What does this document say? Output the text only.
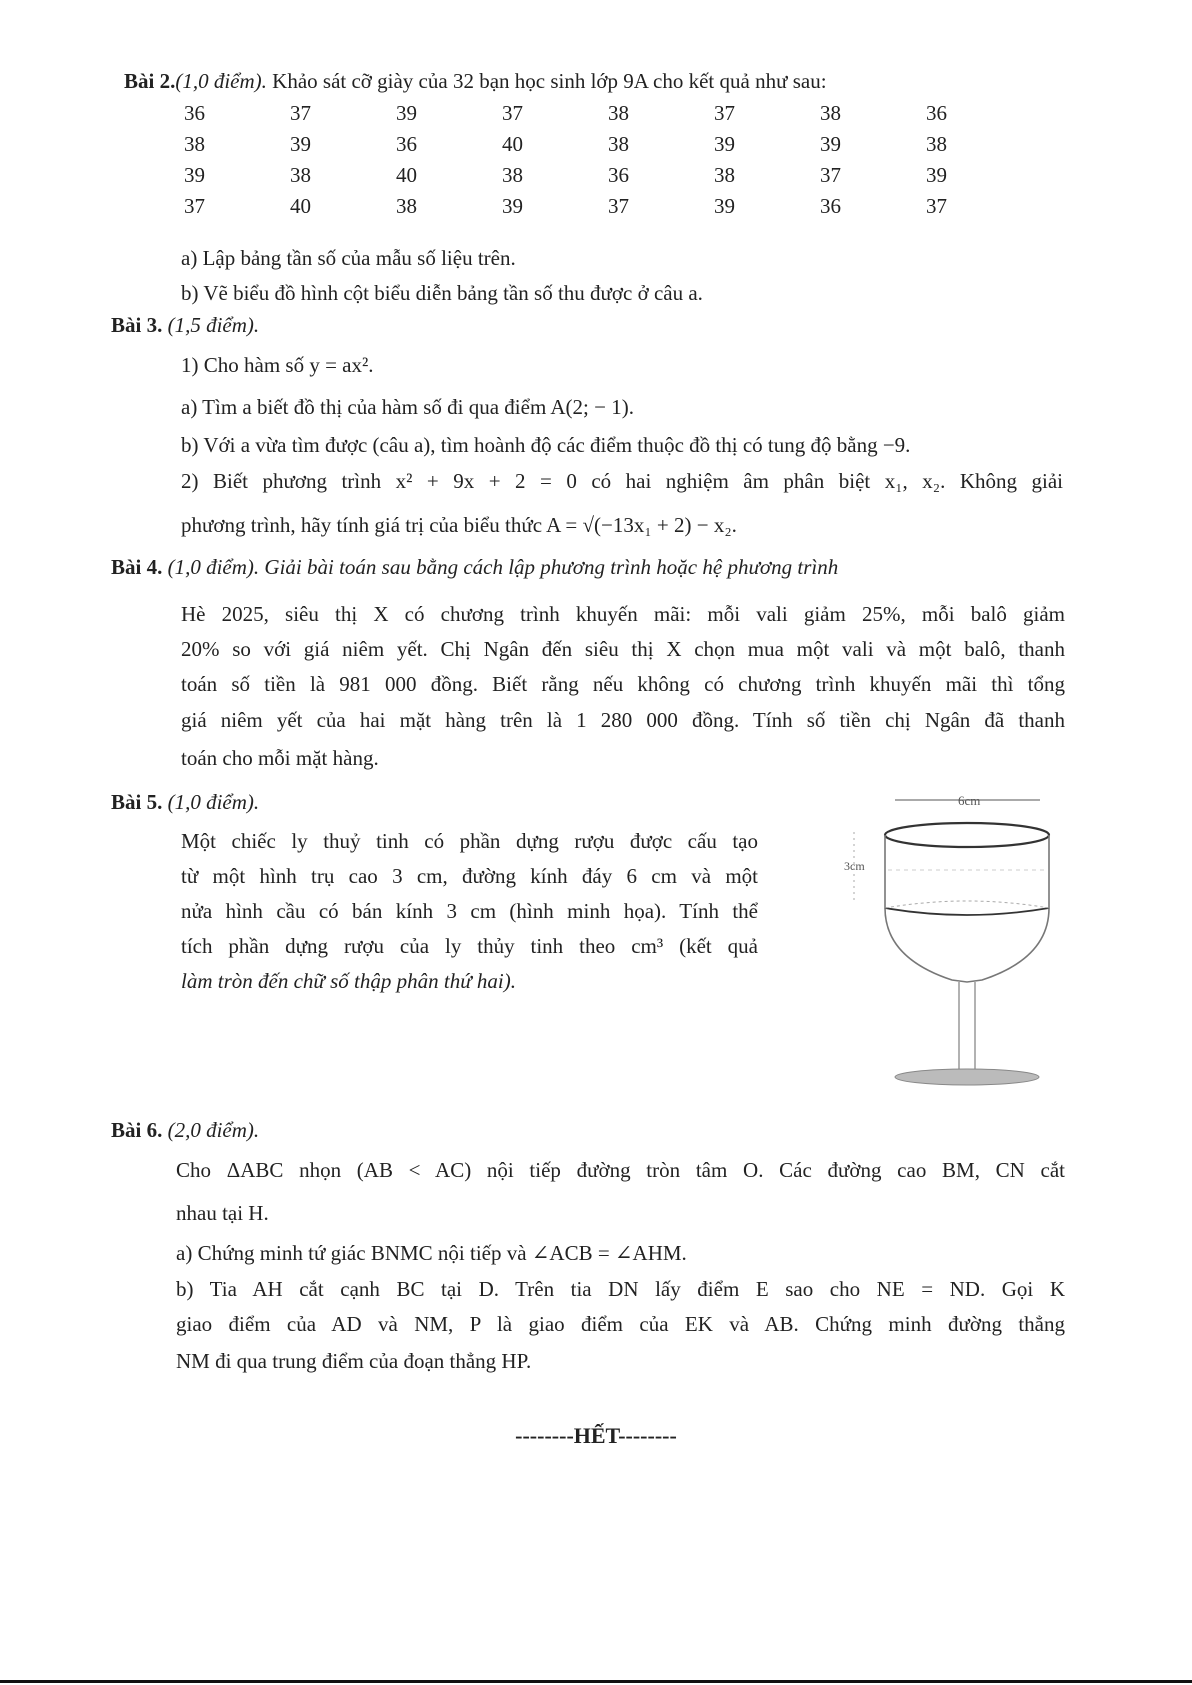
Bài 2.(1,0 điểm). Khảo sát cỡ giày của 32 bạn học sinh lớp 9A cho kết quả như sau:
36	37	39	37	38	37	38	36
38	39	36	40	38	39	39	38
39	38	40	38	36	38	37	39
37	40	38	39	37	39	36	37
a) Lập bảng tần số của mẫu số liệu trên.
b) Vẽ biểu đồ hình cột biểu diễn bảng tần số thu được ở câu a.
Bài 3. (1,5 điểm).
1) Cho hàm số y = ax².
a) Tìm a biết đồ thị của hàm số đi qua điểm A(2; − 1).
b) Với a vừa tìm được (câu a), tìm hoành độ các điểm thuộc đồ thị có tung độ bằng −9.
2) Biết phương trình x² + 9x + 2 = 0 có hai nghiệm âm phân biệt x₁, x₂. Không giải
phương trình, hãy tính giá trị của biểu thức A = √(−13x₁ + 2) − x₂.
Bài 4. (1,0 điểm). Giải bài toán sau bằng cách lập phương trình hoặc hệ phương trình
Hè 2025, siêu thị X có chương trình khuyến mãi: mỗi vali giảm 25%, mỗi balô giảm
20% so với giá niêm yết. Chị Ngân đến siêu thị X chọn mua một vali và một balô, thanh
toán số tiền là 981 000 đồng. Biết rằng nếu không có chương trình khuyến mãi thì tổng
giá niêm yết của hai mặt hàng trên là 1 280 000 đồng. Tính số tiền chị Ngân đã thanh
toán cho mỗi mặt hàng.
Bài 5. (1,0 điểm).
Một chiếc ly thuỷ tinh có phần dựng rượu được cấu tạo
từ một hình trụ cao 3 cm, đường kính đáy 6 cm và một
nửa hình cầu có bán kính 3 cm (hình minh họa). Tính thể
tích phần dựng rượu của ly thủy tinh theo cm³ (kết quả
làm tròn đến chữ số thập phân thứ hai).
6cm
3cm
Bài 6. (2,0 điểm).
Cho ΔABC nhọn (AB < AC) nội tiếp đường tròn tâm O. Các đường cao BM, CN cắt
nhau tại H.
a) Chứng minh tứ giác BNMC nội tiếp và ∠ACB = ∠AHM.
b) Tia AH cắt cạnh BC tại D. Trên tia DN lấy điểm E sao cho NE = ND. Gọi K
giao điểm của AD và NM, P là giao điểm của EK và AB. Chứng minh đường thẳng
NM đi qua trung điểm của đoạn thẳng HP.
--------HẾT--------
